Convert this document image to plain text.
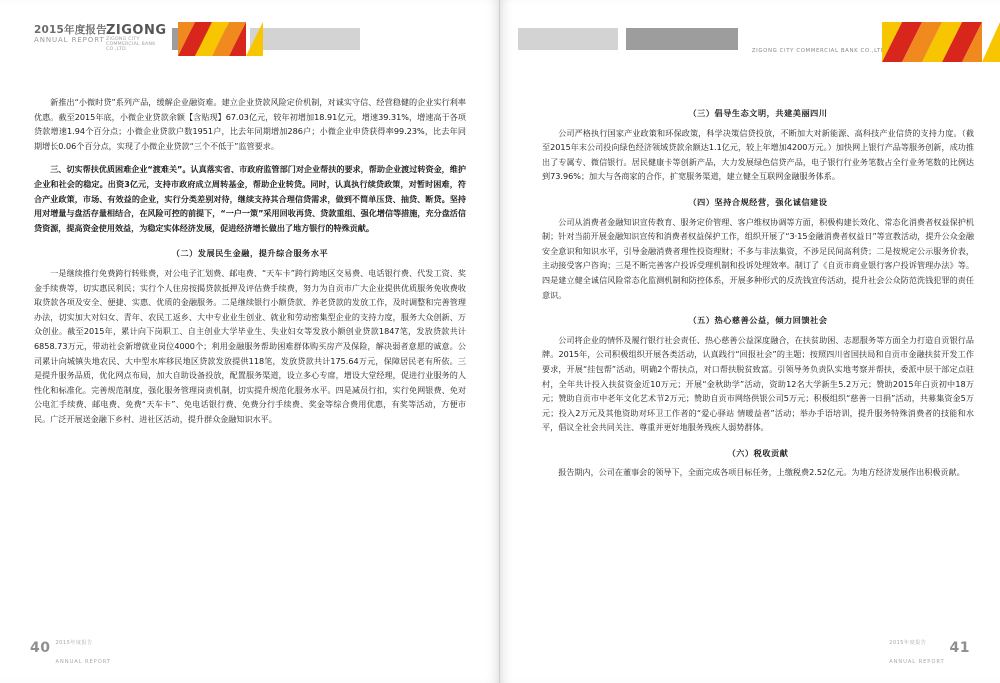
2015年度报告
ANNUAL REPORT
ZIGONG
ZIGONG CITY COMMERCIAL BANK CO.,LTD.

新推出“小微时贷”系列产品，缓解企业融资难。建立企业贷款风险定价机制，对诚实守信、经营稳健的企业实行利率优惠。截至2015年底，小微企业贷款余额【含贴现】67.03亿元，较年初增加18.91亿元，增速39.31%，增速高于各项贷款增速1.94个百分点；小微企业贷款户数1951户，比去年同期增加286户；小微企业申贷获得率99.23%，比去年同期增长0.06个百分点，实现了小微企业贷款“三个不低于”监管要求。

三、切实帮扶优质困难企业“渡难关”。认真落实省、市政府监管部门对企业帮扶的要求，帮助企业渡过转资金，维护企业和社会的稳定。出资3亿元，支持市政府成立周转基金，帮助企业转贷。同时，认真执行续贷政策，对暂时困难，符合产业政策，市场、有效益的企业，实行分类差别对待，继续支持其合理信贷需求，做到不简单压贷、抽贷、断贷。坚持用对增量与盘活存量相结合，在风险可控的前提下，“一户一策”采用回收再贷、贷款重组、强化增信等措施，充分盘活信贷资源，提高资金使用效益，为稳定实体经济发展，促进经济增长做出了地方银行的特殊贡献。

（二）发展民生金融，提升综合服务水平

一是继续推行免费跨行转账费，对公电子汇划费、邮电费、“天车卡”跨行跨地区交易费、电话银行费、代发工资、奖金手续费等，切实惠民利民；实行个人住房按揭贷款抵押及评估费手续费，努力为自贡市广大企业提供优质服务免收费收取贷款各项及安全、便捷、实惠、优质的金融服务。二是继续银行小额贷款、养老贷款的发放工作，及时调整和完善管理办法，切实加大对妇女、青年、农民工返乡、大中专业业生创业、就业和劳动密集型企业的支持力度，服务大众创新、万众创业。截至2015年，累计向下岗职工、自主创业大学毕业生、失业妇女等发放小额创业贷款1847笔，发放贷款共计6858.73万元，带动社会新增就业岗位4000个；利用金融服务帮助困难群体购买房产及保险，解决弱者意愿的诚意。公司累计向城镇失地农民、大中型水库移民地区贷款发放提供118笔，发放贷款共计175.64万元，保障居民老有所依。三是提升服务品质，优化网点布局，加大自助设备投放，配置服务渠道，设立多心专席，增设大堂经理，促进行业服务的人性化和标准化。完善规范制度，强化服务管理岗责机制，切实提升规范化服务水平。四是减员行扣，实行免网银费、免对公电汇手续费、邮电费、免费“天车卡”、免电话银行费、免费分行手续费、奖金等综合费用优惠，有奖等活动，方便市民。广泛开展送金融下乡村、进社区活动，提升群众金融知识水平。

40 2015年度报告
ANNUAL REPORT
ZIGONG CITY COMMERCIAL BANK CO.,LTD.

（三）倡导生态文明，共建美丽四川

公司严格执行国家产业政策和环保政策，科学决策信贷投放，不断加大对新能源、高科技产业信贷的支持力度。（截至2015年末公司投向绿色经济领域贷款余额达1.1亿元，较上年增加4200万元。）加快网上银行产品等服务创新，成功推出了专属专、微信银行。居民健康卡等创新产品，大力发展绿色信贷产品，电子银行行业务笔数占全行业务笔数的比例达到73.96%；加大与各商家的合作，扩宽服务渠道，建立健全互联网金融服务体系。

（四）坚持合规经营，强化诚信建设

公司从消费者金融知识宣传教育、服务定价管理、客户维权协调等方面，积极构建长效化、常态化消费者权益保护机制；针对当前开展金融知识宣传和消费者权益保护工作，组织开展了“3·15金融消费者权益日”等宣教活动，提升公众金融安全意识和知识水平，引导金融消费者理性投资理财；不多与非法集资，不涉足民间高利贷；二是按规定公示服务价表，主动接受客户咨询；三是不断完善客户投诉受理机制和投诉处理效率。制订了《自贡市商业银行客户投诉管理办法》等。四是建立健全诚信风险常态化监测机制和防控体系，开展多种形式的反洗钱宣传活动，提升社会公众防范洗钱犯罪的责任意识。

（五）热心慈善公益，倾力回馈社会

公司将企业的情怀及履行银行社会责任、热心慈善公益深度融合，在扶贫助困、志愿服务等方面全力打造自贡银行品牌。2015年，公司积极组织开展各类活动，认真践行“回报社会”的主题；按照四川省国扶局和自贡市金融扶贫开发工作要求，开展“挂包帮”活动，明确2个帮扶点，对口帮扶脱贫致富。引领导务负责队实地考察并帮扶，委派中层干部定点驻村，全年共计投入扶贫资金近10万元；开展“金秋助学”活动，资助12名大学新生5.2万元；赞助2015年白贡初中18万元；赞助自贡市中老年文化艺术节2万元；赞助自贡市网络供银公司5万元；积极组织“慈善一日捐”活动，共募集资金5万元；投入2万元及其他资助对环卫工作者的“爱心驿站 情暖益者”活动；举办手语培训，提升服务特殊消费者的技能和水平，倡议全社会共同关注、尊重并更好地服务残疾人弱势群体。

（六）税收贡献

报告期内，公司在董事会的领导下，全面完成各项目标任务，上缴税费2.52亿元。为地方经济发展作出积极贡献。

2015年度报告
ANNUAL REPORT
41
